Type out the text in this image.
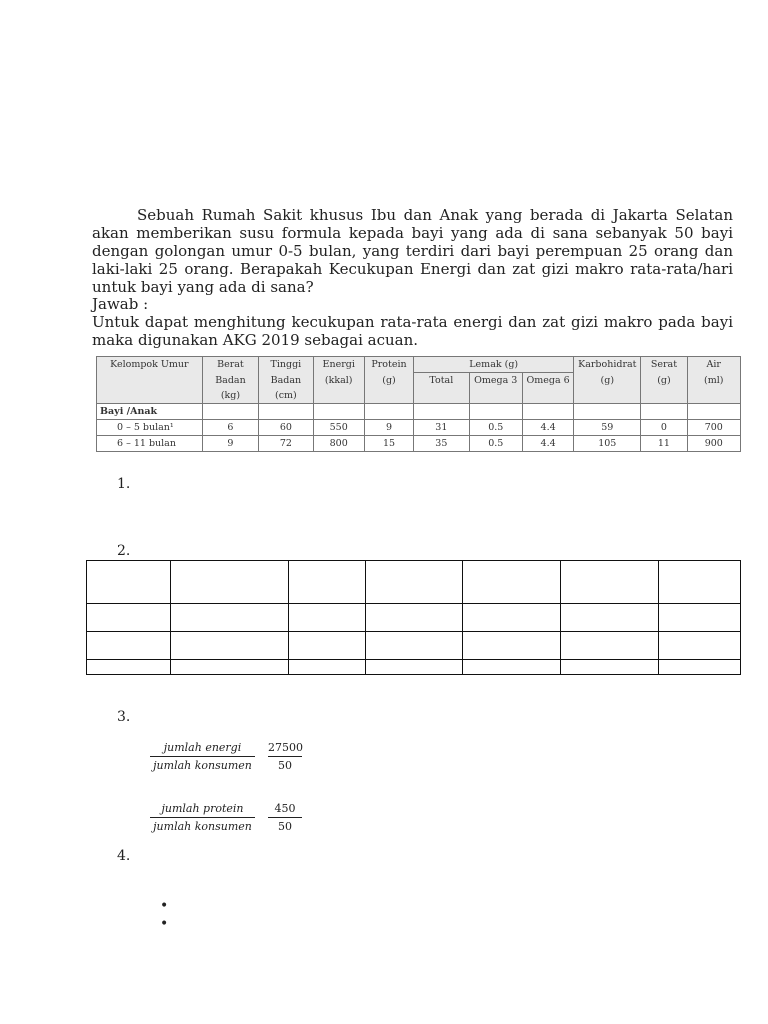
Sebuah Rumah Sakit khusus Ibu dan Anak yang berada di Jakarta Selatan akan memberikan susu formula kepada bayi yang ada di sana sebanyak 50 bayi dengan golongan umur 0-5 bulan, yang terdiri dari bayi perempuan 25 orang dan laki-laki 25 orang. Berapakah Kecukupan Energi dan zat gizi makro rata-rata/hari untuk bayi yang ada di sana?
Jawab :
Untuk dapat menghitung kecukupan rata-rata energi dan zat gizi makro pada bayi maka digunakan AKG 2019 sebagai acuan.
Kelompok Umur	Berat	Tinggi	Energi	Protein	Lemak (g)			Karbohidrat	Serat	Air
	Badan	Badan	(kkal)	(g)	Total	Omega 3	Omega 6	(g)	(g)	(ml)
	(kg)	(cm)								
Bayi /Anak										
0 – 5 bulan¹	6	60	550	9	31	0.5	4.4	59	0	700
6 – 11 bulan	9	72	800	15	35	0.5	4.4	105	11	900
1.
2.

3.
jumlah energi	27500
jumlah konsumen	50
jumlah protein	450
jumlah konsumen	50
4.
•
•
